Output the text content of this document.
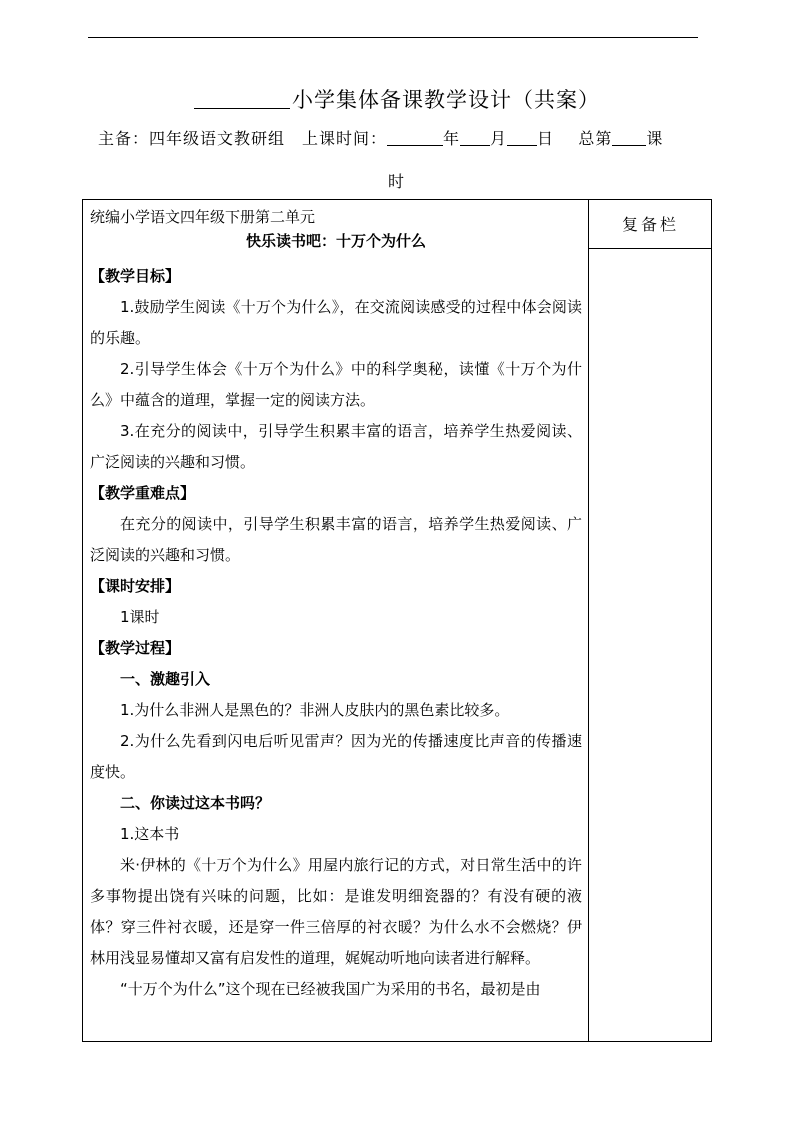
小学集体备课教学设计（共案）
主备：四年级语文教研组　上课时间：	年 月 日 总第 课
时
复备栏

统编小学语文四年级下册第二单元

快乐读书吧：十万个为什么

【教学目标】

1.鼓励学生阅读《十万个为什么》，在交流阅读感受的过程中体会阅读的乐趣。

2.引导学生体会《十万个为什么》中的科学奥秘，读懂《十万个为什么》中蕴含的道理，掌握一定的阅读方法。

3.在充分的阅读中，引导学生积累丰富的语言，培养学生热爱阅读、广泛阅读的兴趣和习惯。

【教学重难点】

在充分的阅读中，引导学生积累丰富的语言，培养学生热爱阅读、广泛阅读的兴趣和习惯。

【课时安排】

1课时

【教学过程】

一、激趣引入

1.为什么非洲人是黑色的？非洲人皮肤内的黑色素比较多。

2.为什么先看到闪电后听见雷声？因为光的传播速度比声音的传播速度快。

二、你读过这本书吗？

1.这本书

米·伊林的《十万个为什么》用屋内旅行记的方式，对日常生活中的许多事物提出饶有兴味的问题，比如：是谁发明细瓷器的？有没有硬的液体？穿三件衬衣暖，还是穿一件三倍厚的衬衣暖？为什么水不会燃烧？伊林用浅显易懂却又富有启发性的道理，娓娓动听地向读者进行解释。

“十万个为什么”这个现在已经被我国广为采用的书名，最初是由
